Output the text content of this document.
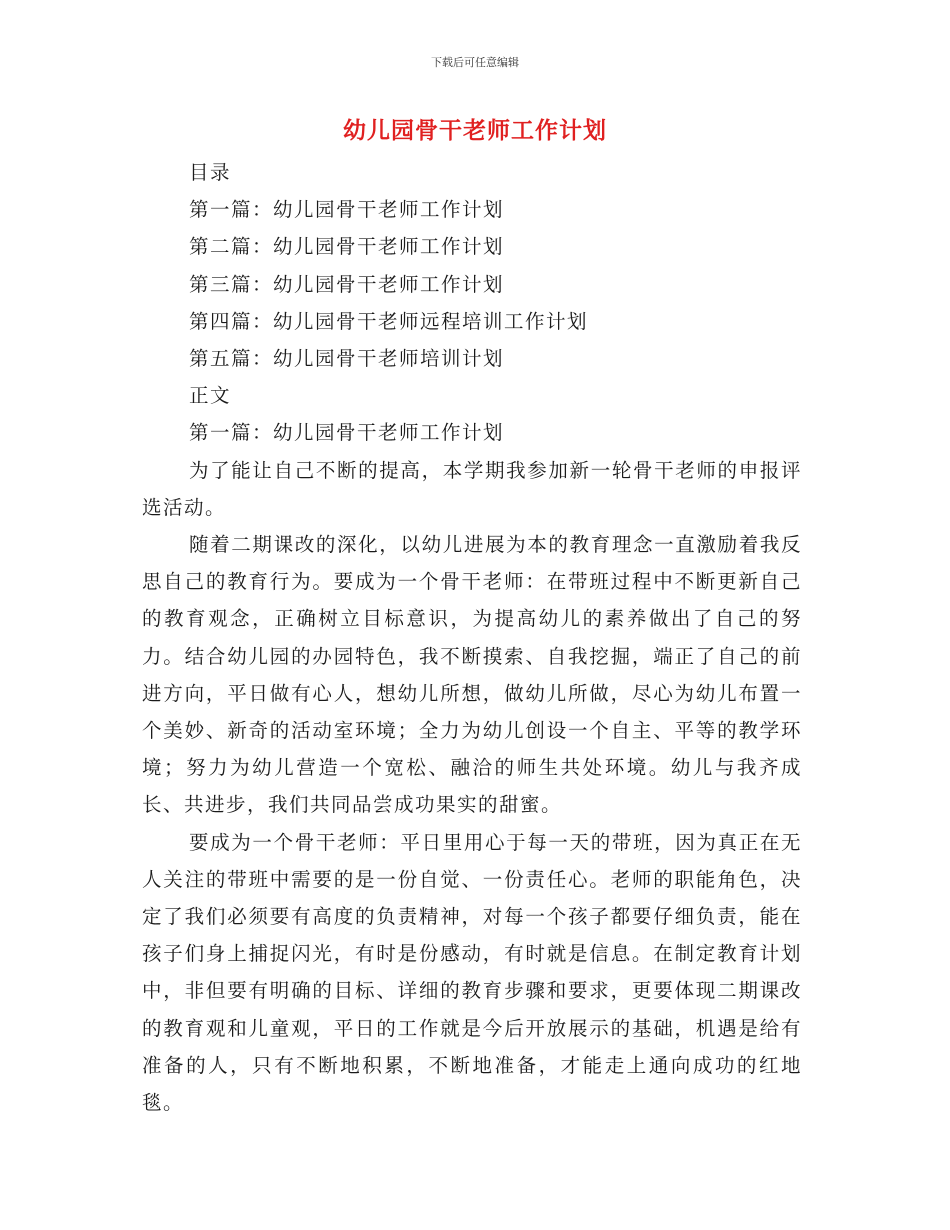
下载后可任意编辑
幼儿园骨干老师工作计划

目录

第一篇：幼儿园骨干老师工作计划

第二篇：幼儿园骨干老师工作计划

第三篇：幼儿园骨干老师工作计划

第四篇：幼儿园骨干老师远程培训工作计划

第五篇：幼儿园骨干老师培训计划

正文

第一篇：幼儿园骨干老师工作计划

为了能让自己不断的提高，本学期我参加新一轮骨干老师的申报评选活动。

随着二期课改的深化，以幼儿进展为本的教育理念一直激励着我反思自己的教育行为。要成为一个骨干老师：在带班过程中不断更新自己的教育观念，正确树立目标意识，为提高幼儿的素养做出了自己的努力。结合幼儿园的办园特色，我不断摸索、自我挖掘，端正了自己的前进方向，平日做有心人，想幼儿所想，做幼儿所做，尽心为幼儿布置一个美妙、新奇的活动室环境；全力为幼儿创设一个自主、平等的教学环境；努力为幼儿营造一个宽松、融洽的师生共处环境。幼儿与我齐成长、共进步，我们共同品尝成功果实的甜蜜。

要成为一个骨干老师：平日里用心于每一天的带班，因为真正在无人关注的带班中需要的是一份自觉、一份责任心。老师的职能角色，决定了我们必须要有高度的负责精神，对每一个孩子都要仔细负责，能在孩子们身上捕捉闪光，有时是份感动，有时就是信息。在制定教育计划中，非但要有明确的目标、详细的教育步骤和要求，更要体现二期课改的教育观和儿童观，平日的工作就是今后开放展示的基础，机遇是给有准备的人，只有不断地积累，不断地准备，才能走上通向成功的红地毯。
